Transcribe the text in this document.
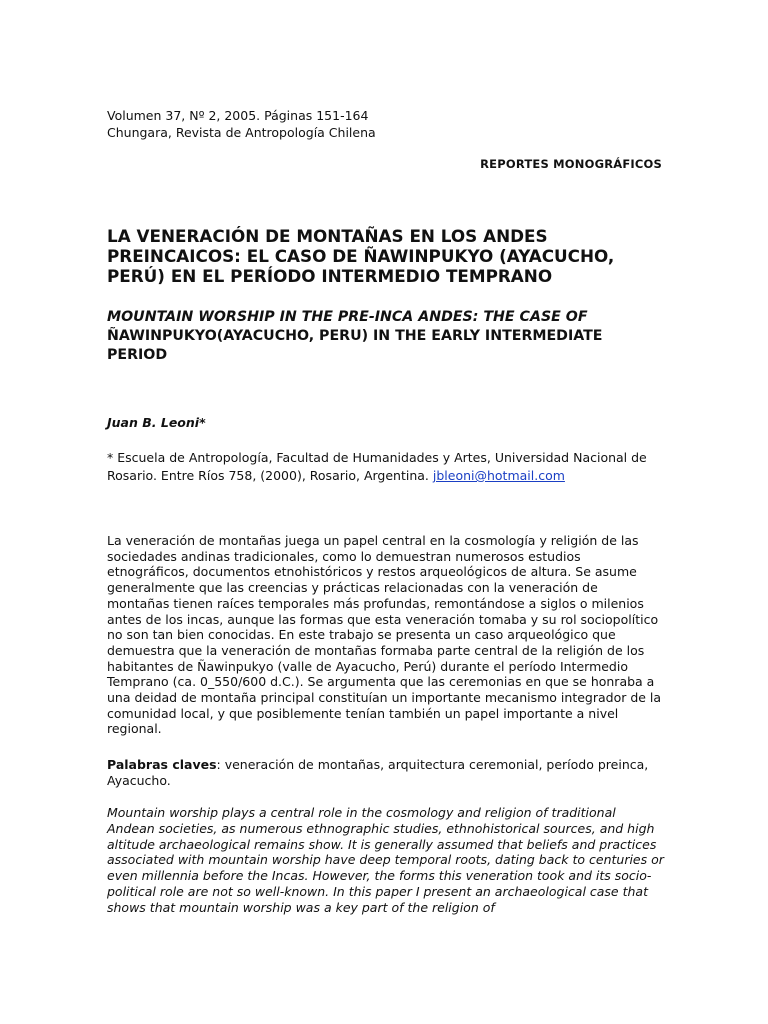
Volumen 37, Nº 2, 2005. Páginas 151-164
Chungara, Revista de Antropología Chilena
REPORTES MONOGRÁFICOS
LA VENERACIÓN DE MONTAÑAS EN LOS ANDES PREINCAICOS: EL CASO DE ÑAWINPUKYO (AYACUCHO, PERÚ) EN EL PERÍODO INTERMEDIO TEMPRANO
MOUNTAIN WORSHIP IN THE PRE-INCA ANDES: THE CASE OF ÑAWINPUKYO(AYACUCHO, PERU) IN THE EARLY INTERMEDIATE PERIOD
Juan B. Leoni*
* Escuela de Antropología, Facultad de Humanidades y Artes, Universidad Nacional de Rosario. Entre Ríos 758, (2000), Rosario, Argentina. jbleoni@hotmail.com

La veneración de montañas juega un papel central en la cosmología y religión de las sociedades andinas tradicionales, como lo demuestran numerosos estudios etnográficos, documentos etnohistóricos y restos arqueológicos de altura. Se asume generalmente que las creencias y prácticas relacionadas con la veneración de montañas tienen raíces temporales más profundas, remontándose a siglos o milenios antes de los incas, aunque las formas que esta veneración tomaba y su rol sociopolítico no son tan bien conocidas. En este trabajo se presenta un caso arqueológico que demuestra que la veneración de montañas formaba parte central de la religión de los habitantes de Ñawinpukyo (valle de Ayacucho, Perú) durante el período Intermedio Temprano (ca. 0_550/600 d.C.). Se argumenta que las ceremonias en que se honraba a una deidad de montaña principal constituían un importante mecanismo integrador de la comunidad local, y que posiblemente tenían también un papel importante a nivel regional.

Palabras claves: veneración de montañas, arquitectura ceremonial, período preinca, Ayacucho.

Mountain worship plays a central role in the cosmology and religion of traditional Andean societies, as numerous ethnographic studies, ethnohistorical sources, and high altitude archaeological remains show. It is generally assumed that beliefs and practices associated with mountain worship have deep temporal roots, dating back to centuries or even millennia before the Incas. However, the forms this veneration took and its socio-political role are not so well-known. In this paper I present an archaeological case that shows that mountain worship was a key part of the religion of
